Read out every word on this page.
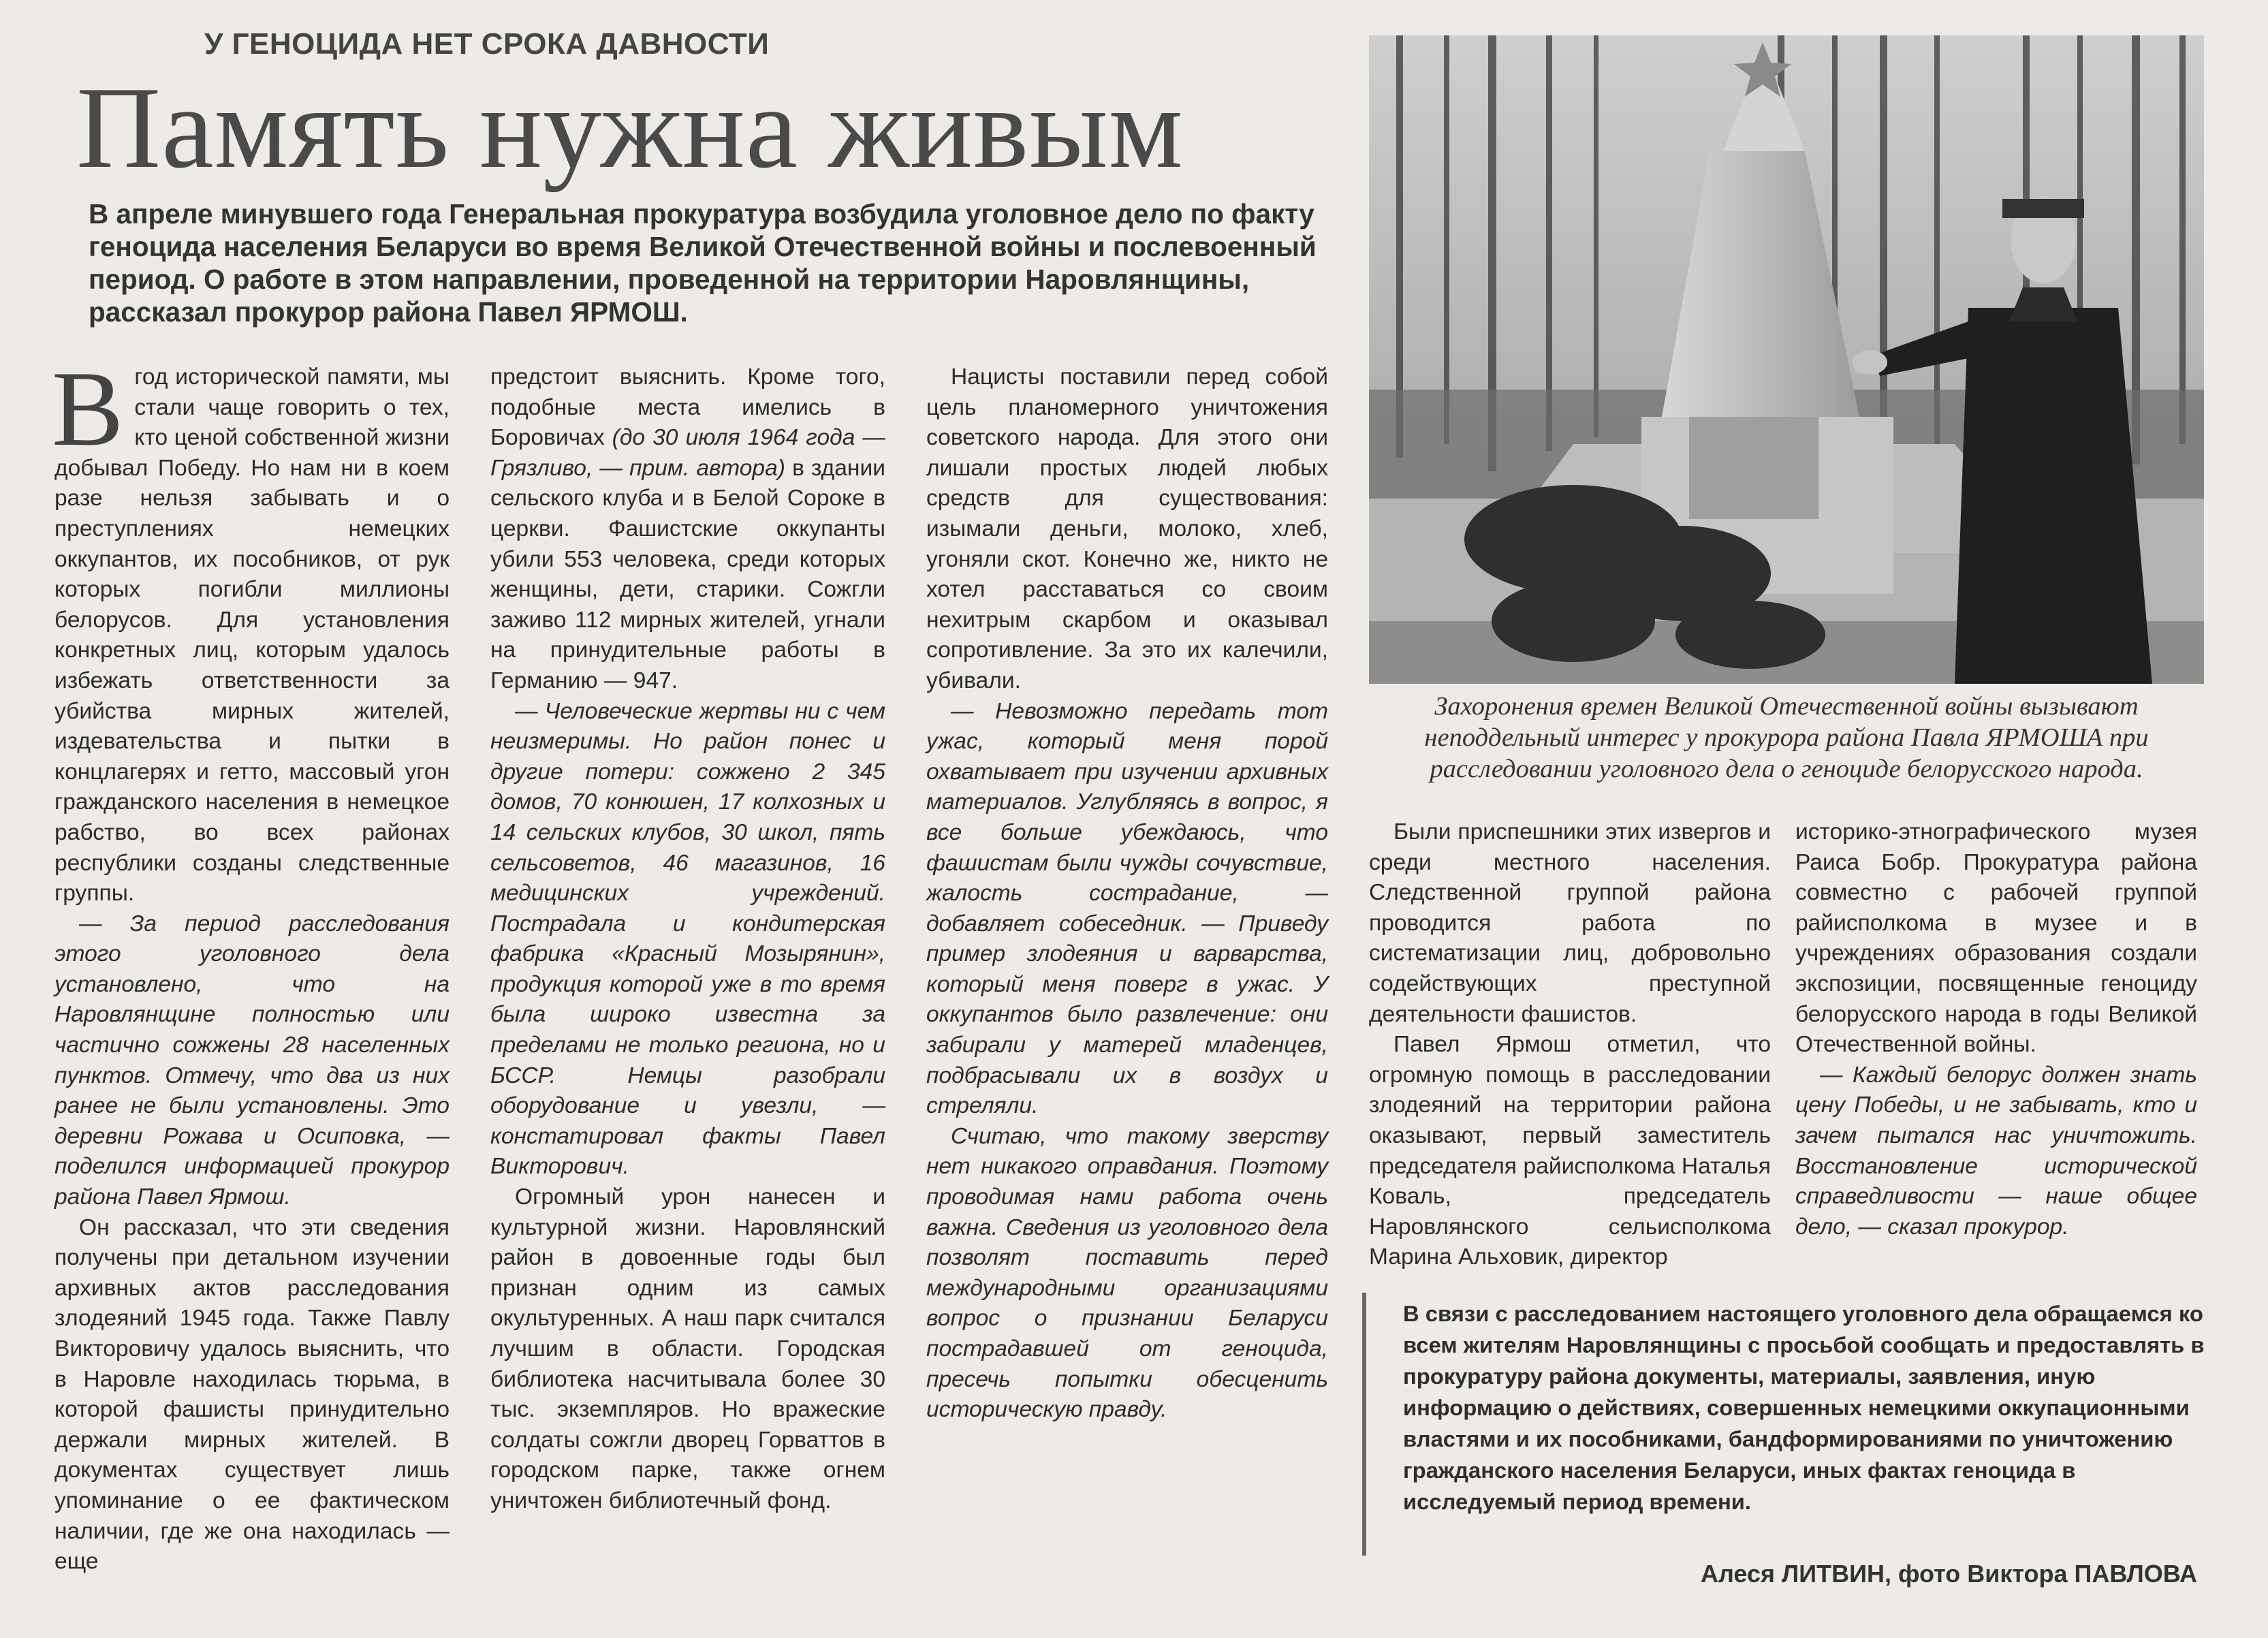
У ГЕНОЦИДА НЕТ СРОКА ДАВНОСТИ
Память нужна живым
В апреле минувшего года Генеральная прокуратура возбудила уголовное дело по факту геноцида населения Беларуси во время Великой Отечественной войны и послевоенный период. О работе в этом направлении, проведенной на территории Наровлянщины, рассказал прокурор района Павел ЯРМОШ.
Захоронения времен Великой Отечественной войны вызывают неподдельный интерес у прокурора района Павла ЯРМОША при расследовании уголовного дела о геноциде белорусского народа.
В год исторической памяти, мы стали чаще говорить о тех, кто ценой собственной жизни добывал Победу. Но нам ни в коем разе нельзя забывать и о преступлениях немецких оккупантов, их пособников, от рук которых погибли миллионы белорусов. Для установления конкретных лиц, которым удалось избежать ответственности за убийства мирных жителей, издевательства и пытки в концлагерях и гетто, массовый угон гражданского населения в немецкое рабство, во всех районах республики созданы следственные группы.

— За период расследования этого уголовного дела установлено, что на Наровлянщине полностью или частично сожжены 28 населенных пунктов. Отмечу, что два из них ранее не были установлены. Это деревни Рожава и Осиповка, — поделился информацией прокурор района Павел Ярмош.

Он рассказал, что эти сведения получены при детальном изучении архивных актов расследования злодеяний 1945 года. Также Павлу Викторовичу удалось выяснить, что в Наровле находилась тюрьма, в которой фашисты принудительно держали мирных жителей. В документах существует лишь упоминание о ее фактическом наличии, где же она находилась — еще

предстоит выяснить. Кроме того, подобные места имелись в Боровичах (до 30 июля 1964 года — Грязливо, — прим. автора) в здании сельского клуба и в Белой Сороке в церкви. Фашистские оккупанты убили 553 человека, среди которых женщины, дети, старики. Сожгли заживо 112 мирных жителей, угнали на принудительные работы в Германию — 947.

— Человеческие жертвы ни с чем неизмеримы. Но район понес и другие потери: сожжено 2 345 домов, 70 конюшен, 17 колхозных и 14 сельских клубов, 30 школ, пять сельсоветов, 46 магазинов, 16 медицинских учреждений. Пострадала и кондитерская фабрика «Красный Мозырянин», продукция которой уже в то время была широко известна за пределами не только региона, но и БССР. Немцы разобрали оборудование и увезли, — констатировал факты Павел Викторович.

Огромный урон нанесен и культурной жизни. Наровлянский район в довоенные годы был признан одним из самых окультуренных. А наш парк считался лучшим в области. Городская библиотека насчитывала более 30 тыс. экземпляров. Но вражеские солдаты сожгли дворец Горваттов в городском парке, также огнем уничтожен библиотечный фонд.

Нацисты поставили перед собой цель планомерного уничтожения советского народа. Для этого они лишали простых людей любых средств для существования: изымали деньги, молоко, хлеб, угоняли скот. Конечно же, никто не хотел расставаться со своим нехитрым скарбом и оказывал сопротивление. За это их калечили, убивали.

— Невозможно передать тот ужас, который меня порой охватывает при изучении архивных материалов. Углубляясь в вопрос, я все больше убеждаюсь, что фашистам были чужды сочувствие, жалость сострадание, — добавляет собеседник. — Приведу пример злодеяния и варварства, который меня поверг в ужас. У оккупантов было развлечение: они забирали у матерей младенцев, подбрасывали их в воздух и стреляли.

Считаю, что такому зверству нет никакого оправдания. Поэтому проводимая нами работа очень важна. Сведения из уголовного дела позволят поставить перед международными организациями вопрос о признании Беларуси пострадавшей от геноцида, пресечь попытки обесценить историческую правду.

Были приспешники этих извергов и среди местного населения. Следственной группой района проводится работа по систематизации лиц, добровольно содействующих преступной деятельности фашистов.

Павел Ярмош отметил, что огромную помощь в расследовании злодеяний на территории района оказывают, первый заместитель председателя райисполкома Наталья Коваль, председатель Наровлянского сельисполкома Марина Альховик, директор

историко-этнографического музея Раиса Бобр. Прокуратура района совместно с рабочей группой райисполкома в музее и в учреждениях образования создали экспозиции, посвященные геноциду белорусского народа в годы Великой Отечественной войны.

— Каждый белорус должен знать цену Победы, и не забывать, кто и зачем пытался нас уничтожить. Восстановление исторической справедливости — наше общее дело, — сказал прокурор.

В связи с расследованием настоящего уголовного дела обращаемся ко всем жителям Наровлянщины с просьбой сообщать и предоставлять в прокуратуру района документы, материалы, заявления, иную информацию о действиях, совершенных немецкими оккупационными властями и их пособниками, бандформированиями по уничтожению гражданского населения Беларуси, иных фактах геноцида в исследуемый период времени.
Алеся ЛИТВИН, фото Виктора ПАВЛОВА
